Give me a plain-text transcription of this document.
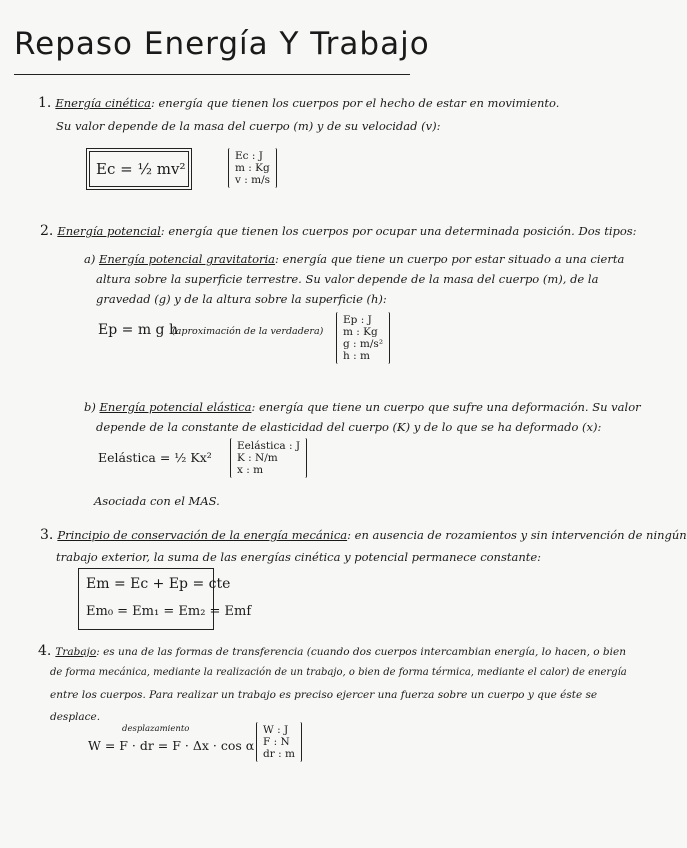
Repaso Energía Y Trabajo
1. Energía cinética: energía que tienen los cuerpos por el hecho de estar en movimiento.
Su valor depende de la masa del cuerpo (m) y de su velocidad (v):
Ec = ½ mv²
Ec : J
m : Kg
v : m/s
2. Energía potencial: energía que tienen los cuerpos por ocupar una determinada posición. Dos tipos:
a) Energía potencial gravitatoria: energía que tiene un cuerpo por estar situado a una cierta
altura sobre la superficie terrestre. Su valor depende de la masa del cuerpo (m), de la
gravedad (g) y de la altura sobre la superficie (h):
Ep = m g h
(aproximación de la verdadera)
Ep : J
m : Kg
g : m/s²
h : m
b) Energía potencial elástica: energía que tiene un cuerpo que sufre una deformación. Su valor
depende de la constante de elasticidad del cuerpo (K) y de lo que se ha deformado (x):
Eelástica = ½ Kx²
Eelástica : J
K : N/m
x : m
Asociada con el MAS.
3. Principio de conservación de la energía mecánica: en ausencia de rozamientos y sin intervención de ningún
trabajo exterior, la suma de las energías cinética y potencial permanece constante:
Em = Ec + Ep = cte
Em₀ = Em₁ = Em₂ = Emf
4. Trabajo: es una de las formas de transferencia (cuando dos cuerpos intercambian energía, lo hacen, o bien
de forma mecánica, mediante la realización de un trabajo, o bien de forma térmica, mediante el calor) de energía
entre los cuerpos. Para realizar un trabajo es preciso ejercer una fuerza sobre un cuerpo y que éste se
desplace.
desplazamiento
W = F · dr = F · Δx · cos α
W : J
F : N
dr : m
